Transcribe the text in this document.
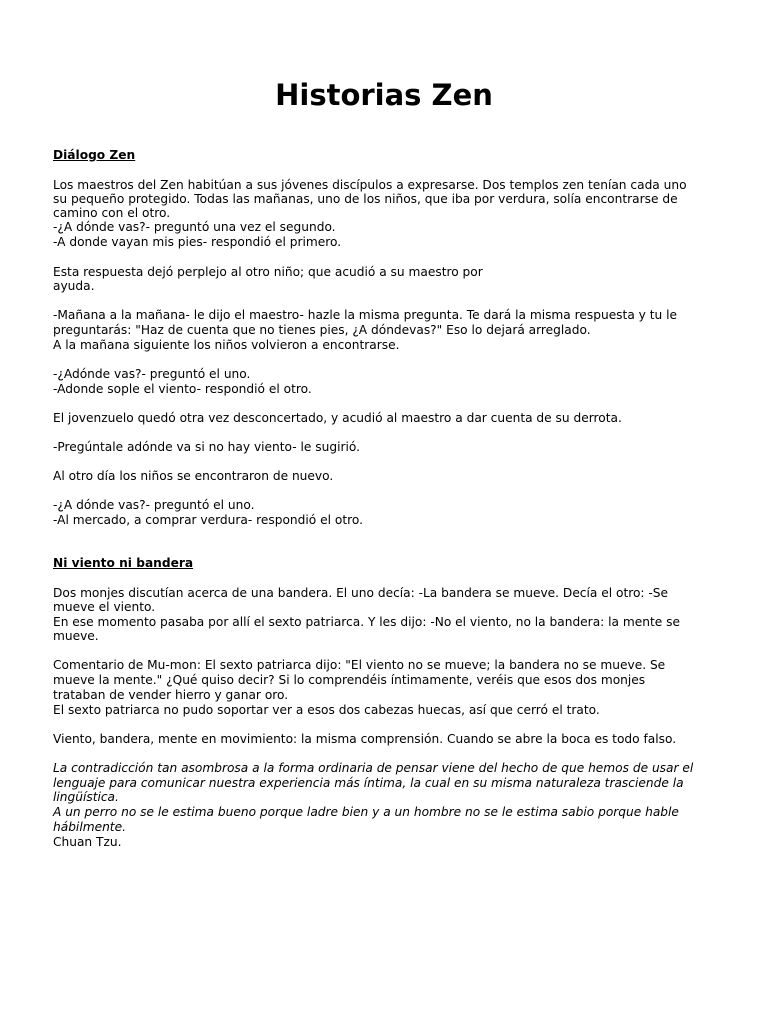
Historias Zen
Diálogo Zen
Los maestros del Zen habitúan a sus jóvenes discípulos a expresarse. Dos templos zen tenían cada uno
su pequeño protegido. Todas las mañanas, uno de los niños, que iba por verdura, solía encontrarse de
camino con el otro.
-¿A dónde vas?- preguntó una vez el segundo.
-A donde vayan mis pies- respondió el primero.
Esta respuesta dejó perplejo al otro niño; que acudió a su maestro por
ayuda.
-Mañana a la mañana- le dijo el maestro- hazle la misma pregunta. Te dará la misma respuesta y tu le
preguntarás: "Haz de cuenta que no tienes pies, ¿A dóndevas?" Eso lo dejará arreglado.
A la mañana siguiente los niños volvieron a encontrarse.
-¿Adónde vas?- preguntó el uno.
-Adonde sople el viento- respondió el otro.
El jovenzuelo quedó otra vez desconcertado, y acudió al maestro a dar cuenta de su derrota.
-Pregúntale adónde va si no hay viento- le sugirió.
Al otro día los niños se encontraron de nuevo.
-¿A dónde vas?- preguntó el uno.
-Al mercado, a comprar verdura- respondió el otro.
Ni viento ni bandera
Dos monjes discutían acerca de una bandera. El uno decía: -La bandera se mueve. Decía el otro: -Se
mueve el viento.
En ese momento pasaba por allí el sexto patriarca. Y les dijo: -No el viento, no la bandera: la mente se
mueve.
Comentario de Mu-mon: El sexto patriarca dijo: "El viento no se mueve; la bandera no se mueve. Se
mueve la mente." ¿Qué quiso decir? Si lo comprendéis íntimamente, veréis que esos dos monjes
trataban de vender hierro y ganar oro.
El sexto patriarca no pudo soportar ver a esos dos cabezas huecas, así que cerró el trato.
Viento, bandera, mente en movimiento: la misma comprensión. Cuando se abre la boca es todo falso.
La contradicción tan asombrosa a la forma ordinaria de pensar viene del hecho de que hemos de usar el
lenguaje para comunicar nuestra experiencia más íntima, la cual en su misma naturaleza trasciende la
lingüística.
A un perro no se le estima bueno porque ladre bien y a un hombre no se le estima sabio porque hable
hábilmente.
Chuan Tzu.
